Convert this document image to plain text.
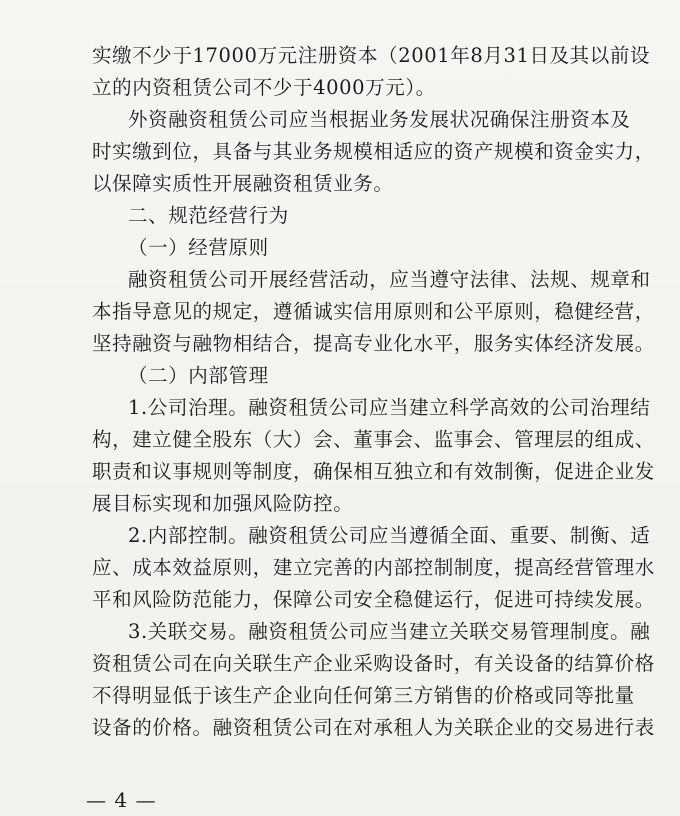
实缴不少于17000万元注册资本（2001年8月31日及其以前设
立的内资租赁公司不少于4000万元）。
外资融资租赁公司应当根据业务发展状况确保注册资本及
时实缴到位，具备与其业务规模相适应的资产规模和资金实力，
以保障实质性开展融资租赁业务。
二、规范经营行为
（一）经营原则
融资租赁公司开展经营活动，应当遵守法律、法规、规章和
本指导意见的规定，遵循诚实信用原则和公平原则，稳健经营，
坚持融资与融物相结合，提高专业化水平，服务实体经济发展。
（二）内部管理
1.公司治理。融资租赁公司应当建立科学高效的公司治理结
构，建立健全股东（大）会、董事会、监事会、管理层的组成、
职责和议事规则等制度，确保相互独立和有效制衡，促进企业发
展目标实现和加强风险防控。
2.内部控制。融资租赁公司应当遵循全面、重要、制衡、适
应、成本效益原则，建立完善的内部控制制度，提高经营管理水
平和风险防范能力，保障公司安全稳健运行，促进可持续发展。
3.关联交易。融资租赁公司应当建立关联交易管理制度。融
资租赁公司在向关联生产企业采购设备时，有关设备的结算价格
不得明显低于该生产企业向任何第三方销售的价格或同等批量
设备的价格。融资租赁公司在对承租人为关联企业的交易进行表
— 4 —
